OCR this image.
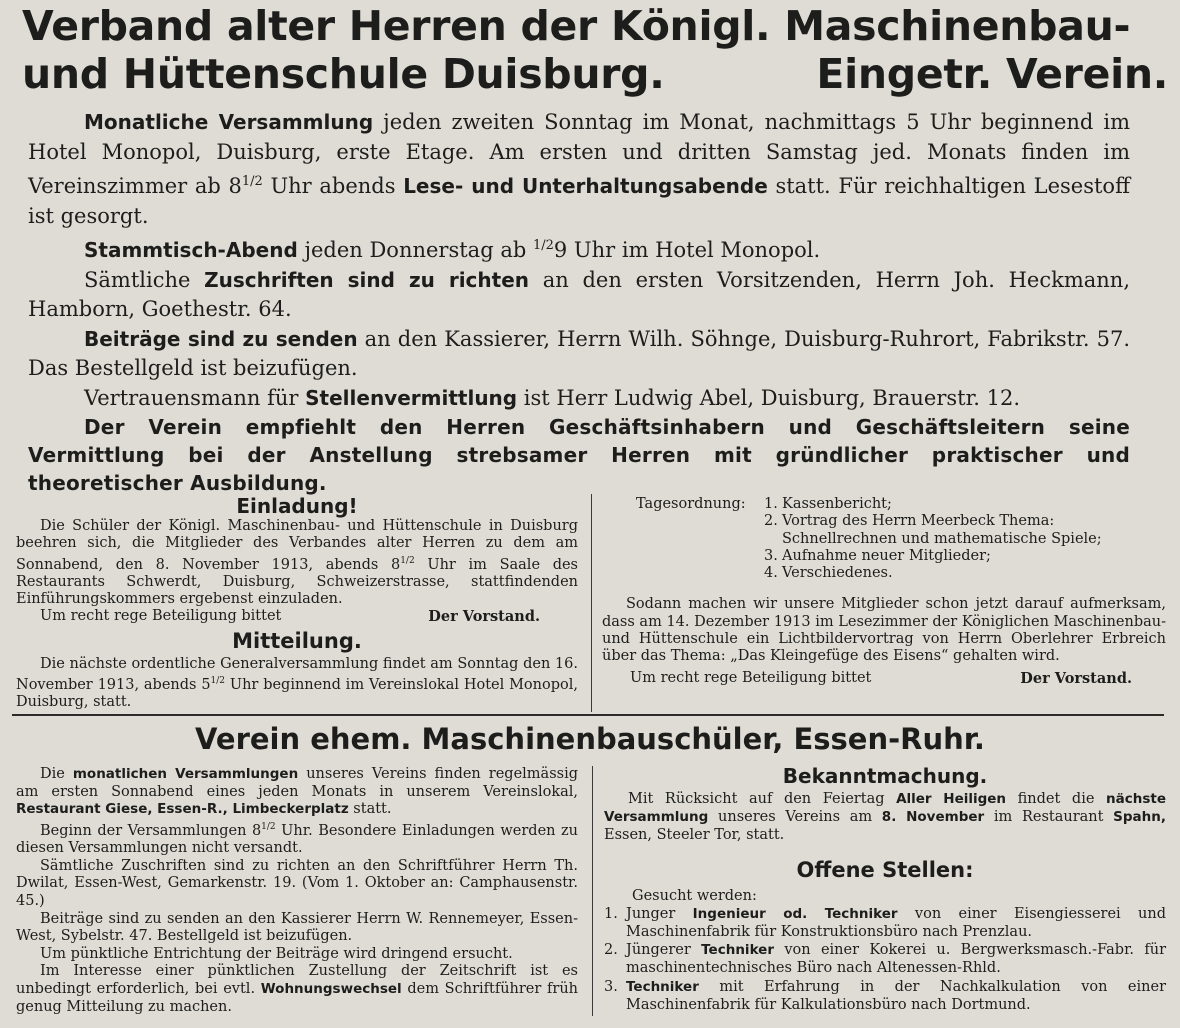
Verband alter Herren der Königl. Maschinenbau-
und Hüttenschule Duisburg.	Eingetr. Verein.

Monatliche Versammlung jeden zweiten Sonntag im Monat, nachmittags 5 Uhr beginnend im Hotel Monopol, Duisburg, erste Etage. Am ersten und dritten Samstag jed. Monats finden im Vereinszimmer ab $8^{1/2}$ Uhr abends Lese- und Unterhaltungsabende statt. Für reichhaltigen Lesestoff ist gesorgt.

Stammtisch-Abend jeden Donnerstag ab $^{1/2}$9 Uhr im Hotel Monopol.

Sämtliche Zuschriften sind zu richten an den ersten Vorsitzenden, Herrn Joh. Heckmann, Hamborn, Goethestr. 64.

Beiträge sind zu senden an den Kassierer, Herrn Wilh. Söhnge, Duisburg-Ruhrort, Fabrikstr. 57. Das Bestellgeld ist beizufügen.

Vertrauensmann für Stellenvermittlung ist Herr Ludwig Abel, Duisburg, Brauerstr. 12.

Der Verein empfiehlt den Herren Geschäftsinhabern und Geschäftsleitern seine Vermittlung bei der Anstellung strebsamer Herren mit gründlicher praktischer und theoretischer Ausbildung.

Einladung!

Die Schüler der Königl. Maschinenbau- und Hüttenschule in Duisburg beehren sich, die Mitglieder des Verbandes alter Herren zu dem am Sonnabend, den 8. November 1913, abends $8^{1/2}$ Uhr im Saale des Restaurants Schwerdt, Duisburg, Schweizerstrasse, stattfindenden Einführungskommers ergebenst einzuladen.

Um recht rege Beteiligung bittet	Der Vorstand.
Mitteilung.

Die nächste ordentliche Generalversammlung findet am Sonntag den 16. November 1913, abends $5^{1/2}$ Uhr beginnend im Vereinslokal Hotel Monopol, Duisburg, statt.

Tagesordnung:	1. Kassenbericht;
2. Vortrag des Herrn Meerbeck Thema: Schnellrechnen und mathematische Spiele;
3. Aufnahme neuer Mitglieder;
4. Verschiedenes.

Sodann machen wir unsere Mitglieder schon jetzt darauf aufmerksam, dass am 14. Dezember 1913 im Lesezimmer der Königlichen Maschinenbau- und Hüttenschule ein Lichtbildervortrag von Herrn Oberlehrer Erbreich über das Thema: „Das Kleingefüge des Eisens“ gehalten wird.

Um recht rege Beteiligung bittet	Der Vorstand.
Verein ehem. Maschinenbauschüler, Essen-Ruhr.

Die monatlichen Versammlungen unseres Vereins finden regelmässig am ersten Sonnabend eines jeden Monats in unserem Vereinslokal, Restaurant Giese, Essen-R., Limbeckerplatz statt.

Beginn der Versammlungen $8^{1/2}$ Uhr. Besondere Einladungen werden zu diesen Versammlungen nicht versandt.

Sämtliche Zuschriften sind zu richten an den Schriftführer Herrn Th. Dwilat, Essen-West, Gemarkenstr. 19. (Vom 1. Oktober an: Camphausenstr. 45.)

Beiträge sind zu senden an den Kassierer Herrn W. Rennemeyer, Essen-West, Sybelstr. 47. Bestellgeld ist beizufügen.

Um pünktliche Entrichtung der Beiträge wird dringend ersucht.

Im Interesse einer pünktlichen Zustellung der Zeitschrift ist es unbedingt erforderlich, bei evtl. Wohnungswechsel dem Schriftführer früh genug Mitteilung zu machen.

Bekanntmachung.

Mit Rücksicht auf den Feiertag Aller Heiligen findet die nächste Versammlung unseres Vereins am 8. November im Restaurant Spahn, Essen, Steeler Tor, statt.

Offene Stellen:

Gesucht werden:

1. Junger Ingenieur od. Techniker von einer Eisengiesserei und Maschinenfabrik für Konstruktionsbüro nach Prenzlau.
2. Jüngerer Techniker von einer Kokerei u. Bergwerksmasch.-Fabr. für maschinentechnisches Büro nach Altenessen-Rhld.
3. Techniker mit Erfahrung in der Nachkalkulation von einer Maschinenfabrik für Kalkulationsbüro nach Dortmund.
